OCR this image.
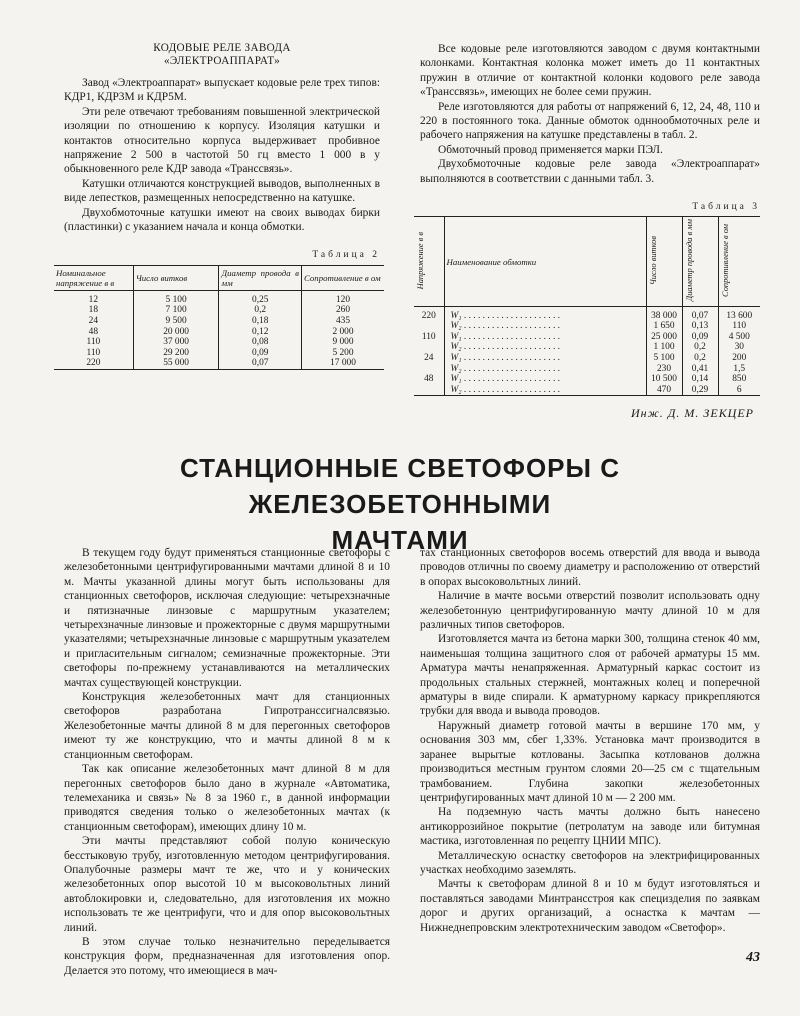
КОДОВЫЕ РЕЛЕ ЗАВОДА
«ЭЛЕКТРОАППАРАТ»

Завод «Электроаппарат» выпускает кодовые реле трех типов: КДР1, КДР3М и КДР5М.

Эти реле отвечают требованиям повышенной электрической изоляции по отношению к корпусу. Изоляция катушки и контактов относительно корпуса выдерживает пробивное напряжение 2 500 в частотой 50 гц вместо 1 000 в у обыкновенного реле КДР завода «Трансcвязь».

Катушки отличаются конструкцией выводов, выполненных в виде лепестков, размещенных непосредственно на катушке.

Двухобмоточные катушки имеют на своих выводах бирки (пластинки) с указанием начала и конца обмотки.

Таблица 2
Номинальное напряжение в в	Число витков	Диаметр провода в мм	Сопротивление в ом
12	5 100	0,25	120
18	7 100	0,2	260
24	9 500	0,18	435
48	20 000	0,12	2 000
110	37 000	0,08	9 000
110	29 200	0,09	5 200
220	55 000	0,07	17 000

Все кодовые реле изготовляются заводом с двумя контактными колонками. Контактная колонка может иметь до 11 контактных пружин в отличие от контактной колонки кодового реле завода «Трансcвязь», имеющих не более семи пружин.

Реле изготовляются для работы от напряжений 6, 12, 24, 48, 110 и 220 в постоянного тока. Данные обмоток одннообмоточных реле и рабочего напряжения на катушке представлены в табл. 2.

Обмоточный провод применяется марки ПЭЛ.

Двухобмоточные кодовые реле завода «Электроаппарат» выполняются в соответствии с данными табл. 3.

Таблица 3
Напряжение в в	Наименование обмотки	Число витков	Диаметр провода в мм	Сопротивление в ом
220	W₁ . . . . . . . . . . . . . . . . . . . . .	38 000	0,07	13 600
	W₂ . . . . . . . . . . . . . . . . . . . . .	1 650	0,13	110
110	W₁ . . . . . . . . . . . . . . . . . . . . .	25 000	0,09	4 500
	W₂ . . . . . . . . . . . . . . . . . . . . .	1 100	0,2	30
24	W₁ . . . . . . . . . . . . . . . . . . . . .	5 100	0,2	200
	W₂ . . . . . . . . . . . . . . . . . . . . .	230	0,41	1,5
48	W₁ . . . . . . . . . . . . . . . . . . . . .	10 500	0,14	850
	W₂ . . . . . . . . . . . . . . . . . . . . .	470	0,29	6
Инж. Д. М. ЗЕКЦЕР
СТАНЦИОННЫЕ СВЕТОФОРЫ С ЖЕЛЕЗОБЕТОННЫМИ
МАЧТАМИ

В текущем году будут применяться станционные светофоры с железобетонными центрифугированными мачтами длиной 8 и 10 м. Мачты указанной длины могут быть использованы для станционных светофоров, исключая следующие: четырехзначные и пятизначные линзовые с маршрутным указателем; четырехзначные линзовые и прожекторные с двумя маршрутными указателями; четырехзначные линзовые с маршрутным указателем и пригласительным сигналом; семизначные прожекторные. Эти светофоры по-прежнему устанавливаются на металлических мачтах существующей конструкции.

Конструкция железобетонных мачт для станционных светофоров разработана Гипротранссигналсвязью. Железобетонные мачты длиной 8 м для перегонных светофоров имеют ту же конструкцию, что и мачты длиной 8 м к станционным светофорам.

Так как описание железобетонных мачт длиной 8 м для перегонных светофоров было дано в журнале «Автоматика, телемеханика и связь» № 8 за 1960 г., в данной информации приводятся сведения только о железобетонных мачтах (к станционным светофорам), имеющих длину 10 м.

Эти мачты представляют собой полую коническую бесстыковую трубу, изготовленную методом центрифугирования. Опалубочные размеры мачт те же, что и у конических железобетонных опор высотой 10 м высоковольтных линий автоблокировки и, следовательно, для изготовления их можно использовать те же центрифуги, что и для опор высоковольтных линий.

В этом случае только незначительно переделывается конструкция форм, предназначенная для изготовления опор. Делается это потому, что имеющиеся в мач-

тах станционных светофоров восемь отверстий для ввода и вывода проводов отличны по своему диаметру и расположению от отверстий в опорах высоковольтных линий.

Наличие в мачте восьми отверстий позволит использовать одну железобетонную центрифугированную мачту длиной 10 м для различных типов светофоров.

Изготовляется мачта из бетона марки 300, толщина стенок 40 мм, наименьшая толщина защитного слоя от рабочей арматуры 15 мм. Арматура мачты ненапряженная. Арматурный каркас состоит из продольных стальных стержней, монтажных колец и поперечной арматуры в виде спирали. К арматурному каркасу прикрепляются трубки для ввода и вывода проводов.

Наружный диаметр готовой мачты в вершине 170 мм, у основания 303 мм, сбег 1,33%. Установка мачт производится в заранее вырытые котлованы. Засыпка котлованов должна производиться местным грунтом слоями 20—25 см с тщательным трамбованием. Глубина закопки железобетонных центрифугированных мачт длиной 10 м — 2 200 мм.

На подземную часть мачты должно быть нанесено антикоррозийное покрытие (петролатум на заводе или битумная мастика, изготовленная по рецепту ЦНИИ МПС).

Металлическую оснастку светофоров на электрифицированных участках необходимо заземлять.

Мачты к светофорам длиной 8 и 10 м будут изготовляться и поставляться заводами Минтрансстроя как специзделия по заявкам дорог и других организаций, а оснастка к мачтам — Нижнеднепровским электротехническим заводом «Светофор».

43
